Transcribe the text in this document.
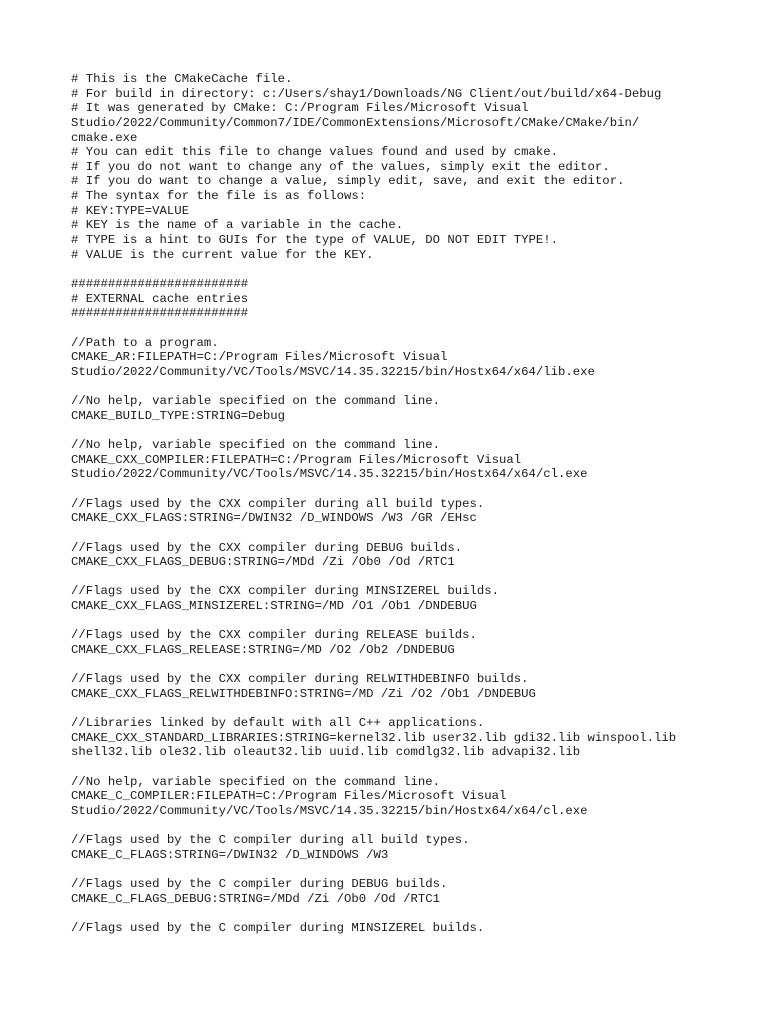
# This is the CMakeCache file.
# For build in directory: c:/Users/shay1/Downloads/NG Client/out/build/x64-Debug
# It was generated by CMake: C:/Program Files/Microsoft Visual
Studio/2022/Community/Common7/IDE/CommonExtensions/Microsoft/CMake/CMake/bin/
cmake.exe
# You can edit this file to change values found and used by cmake.
# If you do not want to change any of the values, simply exit the editor.
# If you do want to change a value, simply edit, save, and exit the editor.
# The syntax for the file is as follows:
# KEY:TYPE=VALUE
# KEY is the name of a variable in the cache.
# TYPE is a hint to GUIs for the type of VALUE, DO NOT EDIT TYPE!.
# VALUE is the current value for the KEY.
########################
# EXTERNAL cache entries
########################
//Path to a program.
CMAKE_AR:FILEPATH=C:/Program Files/Microsoft Visual
Studio/2022/Community/VC/Tools/MSVC/14.35.32215/bin/Hostx64/x64/lib.exe
//No help, variable specified on the command line.
CMAKE_BUILD_TYPE:STRING=Debug
//No help, variable specified on the command line.
CMAKE_CXX_COMPILER:FILEPATH=C:/Program Files/Microsoft Visual
Studio/2022/Community/VC/Tools/MSVC/14.35.32215/bin/Hostx64/x64/cl.exe
//Flags used by the CXX compiler during all build types.
CMAKE_CXX_FLAGS:STRING=/DWIN32 /D_WINDOWS /W3 /GR /EHsc
//Flags used by the CXX compiler during DEBUG builds.
CMAKE_CXX_FLAGS_DEBUG:STRING=/MDd /Zi /Ob0 /Od /RTC1
//Flags used by the CXX compiler during MINSIZEREL builds.
CMAKE_CXX_FLAGS_MINSIZEREL:STRING=/MD /O1 /Ob1 /DNDEBUG
//Flags used by the CXX compiler during RELEASE builds.
CMAKE_CXX_FLAGS_RELEASE:STRING=/MD /O2 /Ob2 /DNDEBUG
//Flags used by the CXX compiler during RELWITHDEBINFO builds.
CMAKE_CXX_FLAGS_RELWITHDEBINFO:STRING=/MD /Zi /O2 /Ob1 /DNDEBUG
//Libraries linked by default with all C++ applications.
CMAKE_CXX_STANDARD_LIBRARIES:STRING=kernel32.lib user32.lib gdi32.lib winspool.lib
shell32.lib ole32.lib oleaut32.lib uuid.lib comdlg32.lib advapi32.lib
//No help, variable specified on the command line.
CMAKE_C_COMPILER:FILEPATH=C:/Program Files/Microsoft Visual
Studio/2022/Community/VC/Tools/MSVC/14.35.32215/bin/Hostx64/x64/cl.exe
//Flags used by the C compiler during all build types.
CMAKE_C_FLAGS:STRING=/DWIN32 /D_WINDOWS /W3
//Flags used by the C compiler during DEBUG builds.
CMAKE_C_FLAGS_DEBUG:STRING=/MDd /Zi /Ob0 /Od /RTC1
//Flags used by the C compiler during MINSIZEREL builds.
